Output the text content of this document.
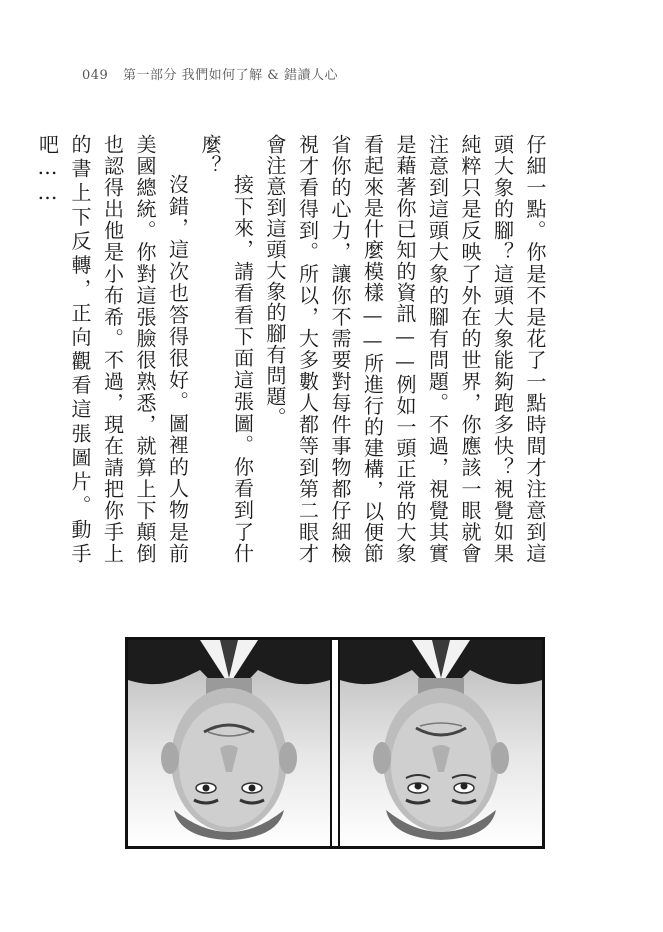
049 第一部分 我們如何了解 & 錯讀人心

仔細一點。你是不是花了一點時間才注意到這頭大象的腳？這頭大象能夠跑多快？視覺如果純粹只是反映了外在的世界，你應該一眼就會注意到這頭大象的腳有問題。不過，視覺其實是藉著你已知的資訊——例如一頭正常的大象看起來是什麼模樣——所進行的建構，以便節省你的心力，讓你不需要對每件事物都仔細檢視才看得到。所以，大多數人都等到第二眼才會注意到這頭大象的腳有問題。

接下來，請看看下面這張圖。你看到了什麼？

沒錯，這次也答得很好。圖裡的人物是前美國總統。你對這張臉很熟悉，就算上下顛倒也認得出他是小布希。不過，現在請把你手上的書上下反轉，正向觀看這張圖片。動手吧……
